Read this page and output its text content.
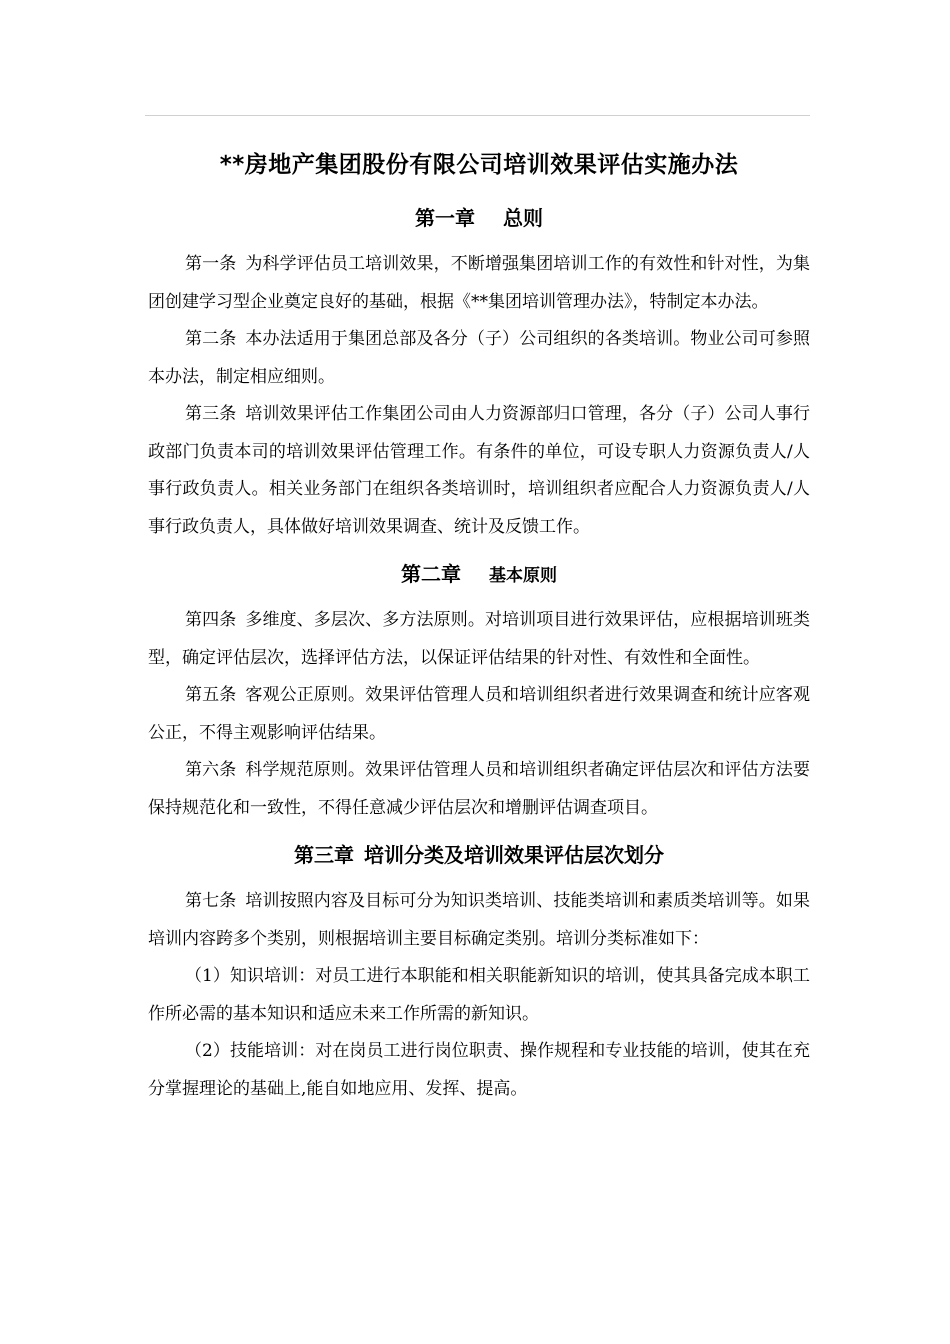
**房地产集团股份有限公司培训效果评估实施办法
第一章 总则

第一条 为科学评估员工培训效果，不断增强集团培训工作的有效性和针对性，为集团创建学习型企业奠定良好的基础，根据《**集团培训管理办法》，特制定本办法。

第二条 本办法适用于集团总部及各分（子）公司组织的各类培训。物业公司可参照本办法，制定相应细则。

第三条 培训效果评估工作集团公司由人力资源部归口管理，各分（子）公司人事行政部门负责本司的培训效果评估管理工作。有条件的单位，可设专职人力资源负责人/人事行政负责人。相关业务部门在组织各类培训时，培训组织者应配合人力资源负责人/人事行政负责人，具体做好培训效果调查、统计及反馈工作。

第二章 基本原则

第四条 多维度、多层次、多方法原则。对培训项目进行效果评估，应根据培训班类型，确定评估层次，选择评估方法，以保证评估结果的针对性、有效性和全面性。

第五条 客观公正原则。效果评估管理人员和培训组织者进行效果调查和统计应客观公正，不得主观影响评估结果。

第六条 科学规范原则。效果评估管理人员和培训组织者确定评估层次和评估方法要保持规范化和一致性，不得任意减少评估层次和增删评估调查项目。

第三章 培训分类及培训效果评估层次划分

第七条 培训按照内容及目标可分为知识类培训、技能类培训和素质类培训等。如果培训内容跨多个类别，则根据培训主要目标确定类别。培训分类标准如下：

（1）知识培训：对员工进行本职能和相关职能新知识的培训，使其具备完成本职工作所必需的基本知识和适应未来工作所需的新知识。

（2）技能培训：对在岗员工进行岗位职责、操作规程和专业技能的培训，使其在充分掌握理论的基础上,能自如地应用、发挥、提高。
